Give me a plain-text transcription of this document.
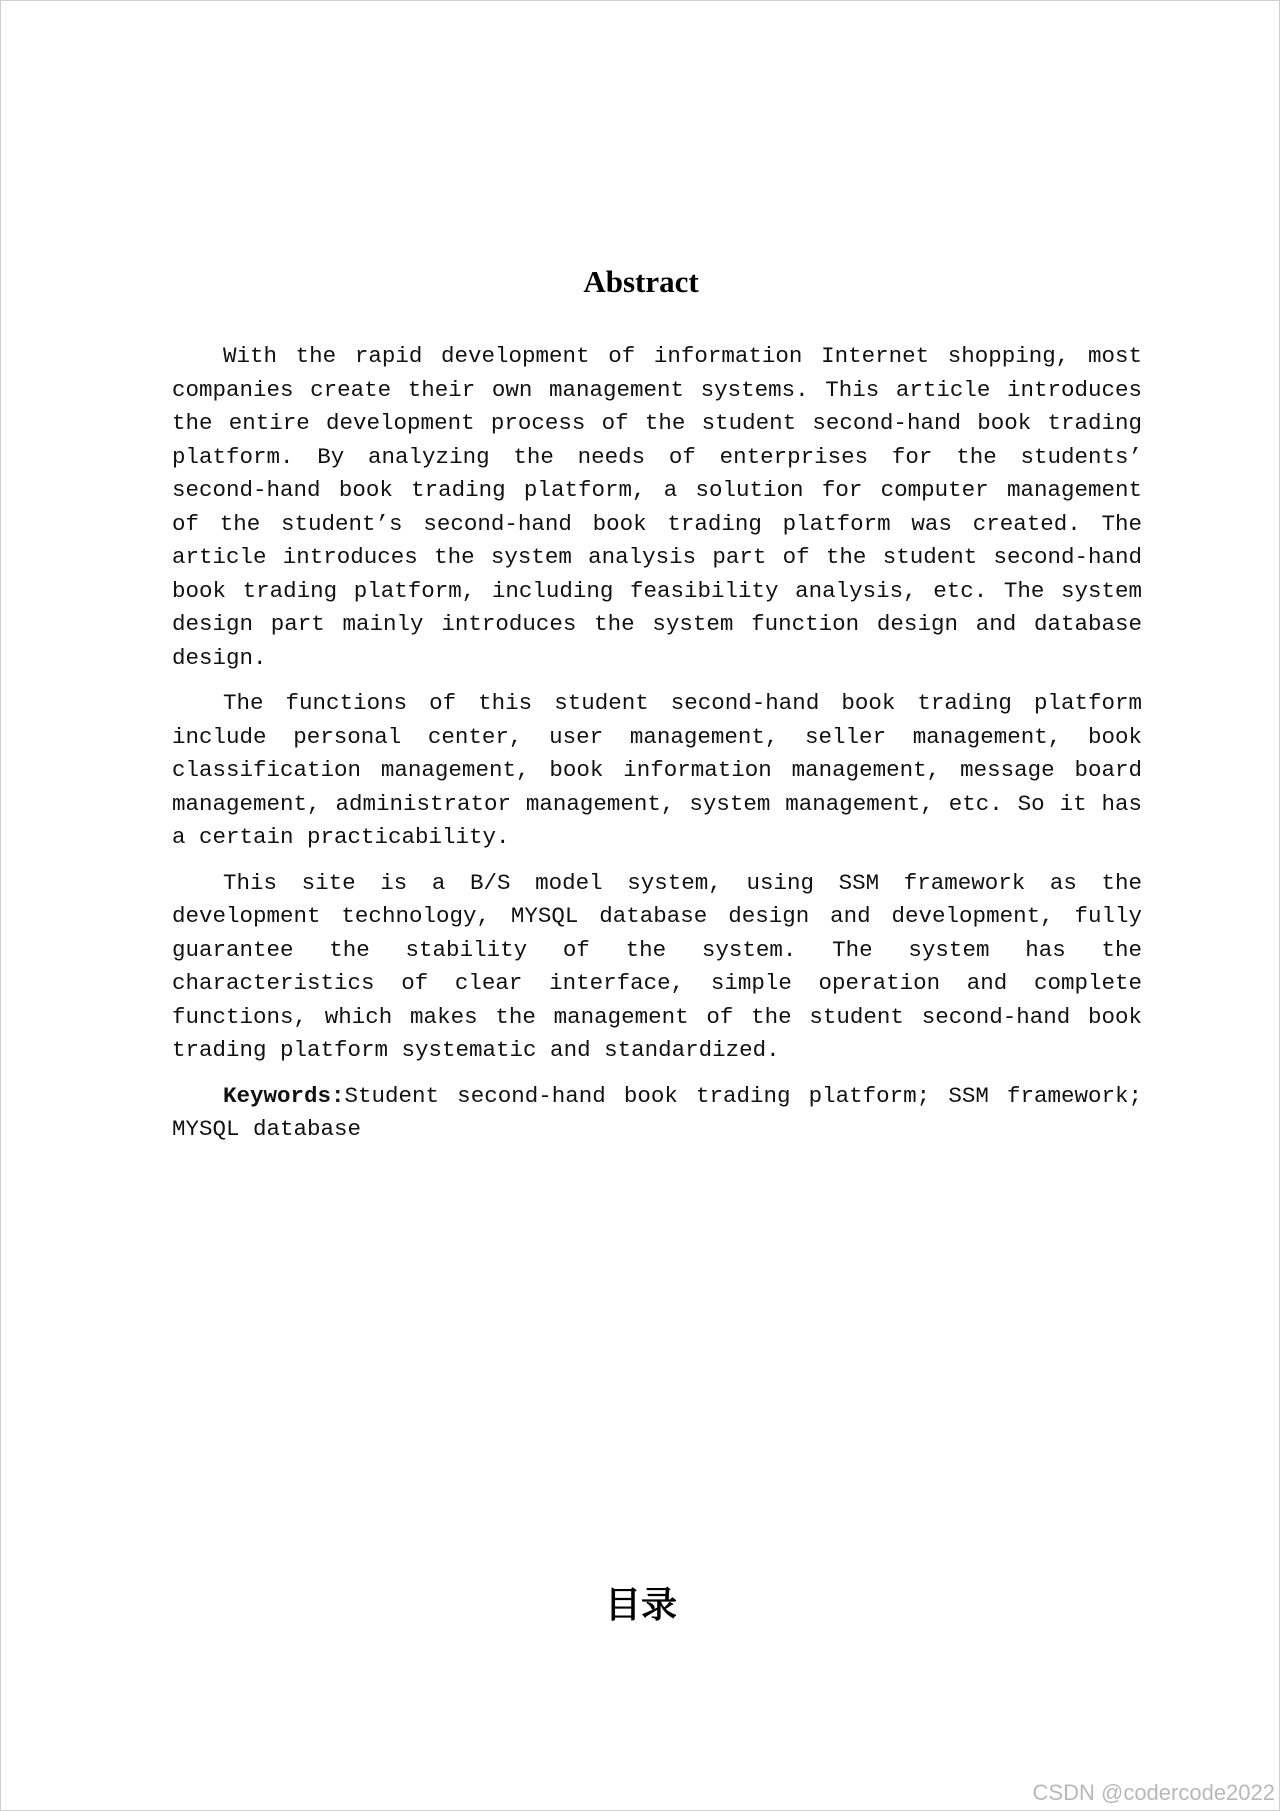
Abstract

With the rapid development of information Internet shopping, most companies create their own management systems. This article introduces the entire development process of the student second-hand book trading platform. By analyzing the needs of enterprises for the students’ second-hand book trading platform, a solution for computer management of the student’s second-hand book trading platform was created. The article introduces the system analysis part of the student second-hand book trading platform, including feasibility analysis, etc. The system design part mainly introduces the system function design and database design.

The functions of this student second-hand book trading platform include personal center, user management, seller management, book classification management, book information management, message board management, administrator management, system management, etc. So it has a certain practicability.

This site is a B/S model system, using SSM framework as the development technology, MYSQL database design and development, fully guarantee the stability of the system. The system has the characteristics of clear interface, simple operation and complete functions, which makes the management of the student second-hand book trading platform systematic and standardized.

Keywords:Student second-hand book trading platform; SSM framework; MYSQL database

目录
CSDN @codercode2022
